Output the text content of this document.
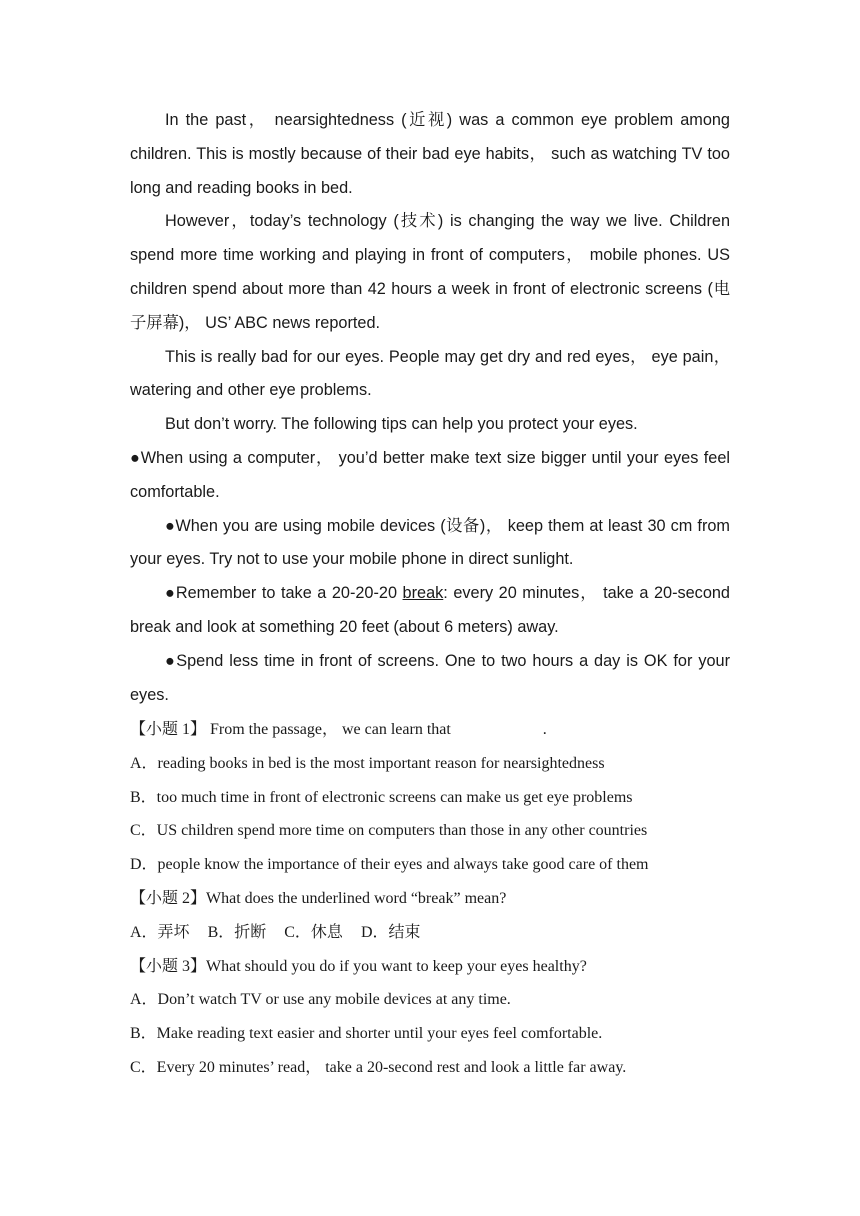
In the past， nearsightedness (近视) was a common eye problem among children. This is mostly because of their bad eye habits， such as watching TV too long and reading books in bed.

However，today’s technology (技术) is changing the way we live. Children spend more time working and playing in front of computers， mobile phones. US children spend about more than 42 hours a week in front of electronic screens (电子屏幕)， US’ ABC news reported.

This is really bad for our eyes. People may get dry and red eyes， eye pain， watering and other eye problems.

But don’t worry. The following tips can help you protect your eyes.

●When using a computer， you’d better make text size bigger until your eyes feel comfortable.

●When you are using mobile devices (设备)， keep them at least 30 cm from your eyes. Try not to use your mobile phone in direct sunlight.

●Remember to take a 20-20-20 break: every 20 minutes， take a 20-second break and look at something 20 feet (about 6 meters) away.

●Spend less time in front of screens. One to two hours a day is OK for your eyes.

【小题 1】 From the passage， we can learn that                       .

A．reading books in bed is the most important reason for nearsightedness

B．too much time in front of electronic screens can make us get eye problems

C．US children spend more time on computers than those in any other countries

D．people know the importance of their eyes and always take good care of them

【小题 2】What does the underlined word “break” mean?

A．弄坏 B．折断 C．休息 D．结束

【小题 3】What should you do if you want to keep your eyes healthy?

A．Don’t watch TV or use any mobile devices at any time.

B．Make reading text easier and shorter until your eyes feel comfortable.

C．Every 20 minutes’ read， take a 20-second rest and look a little far away.
